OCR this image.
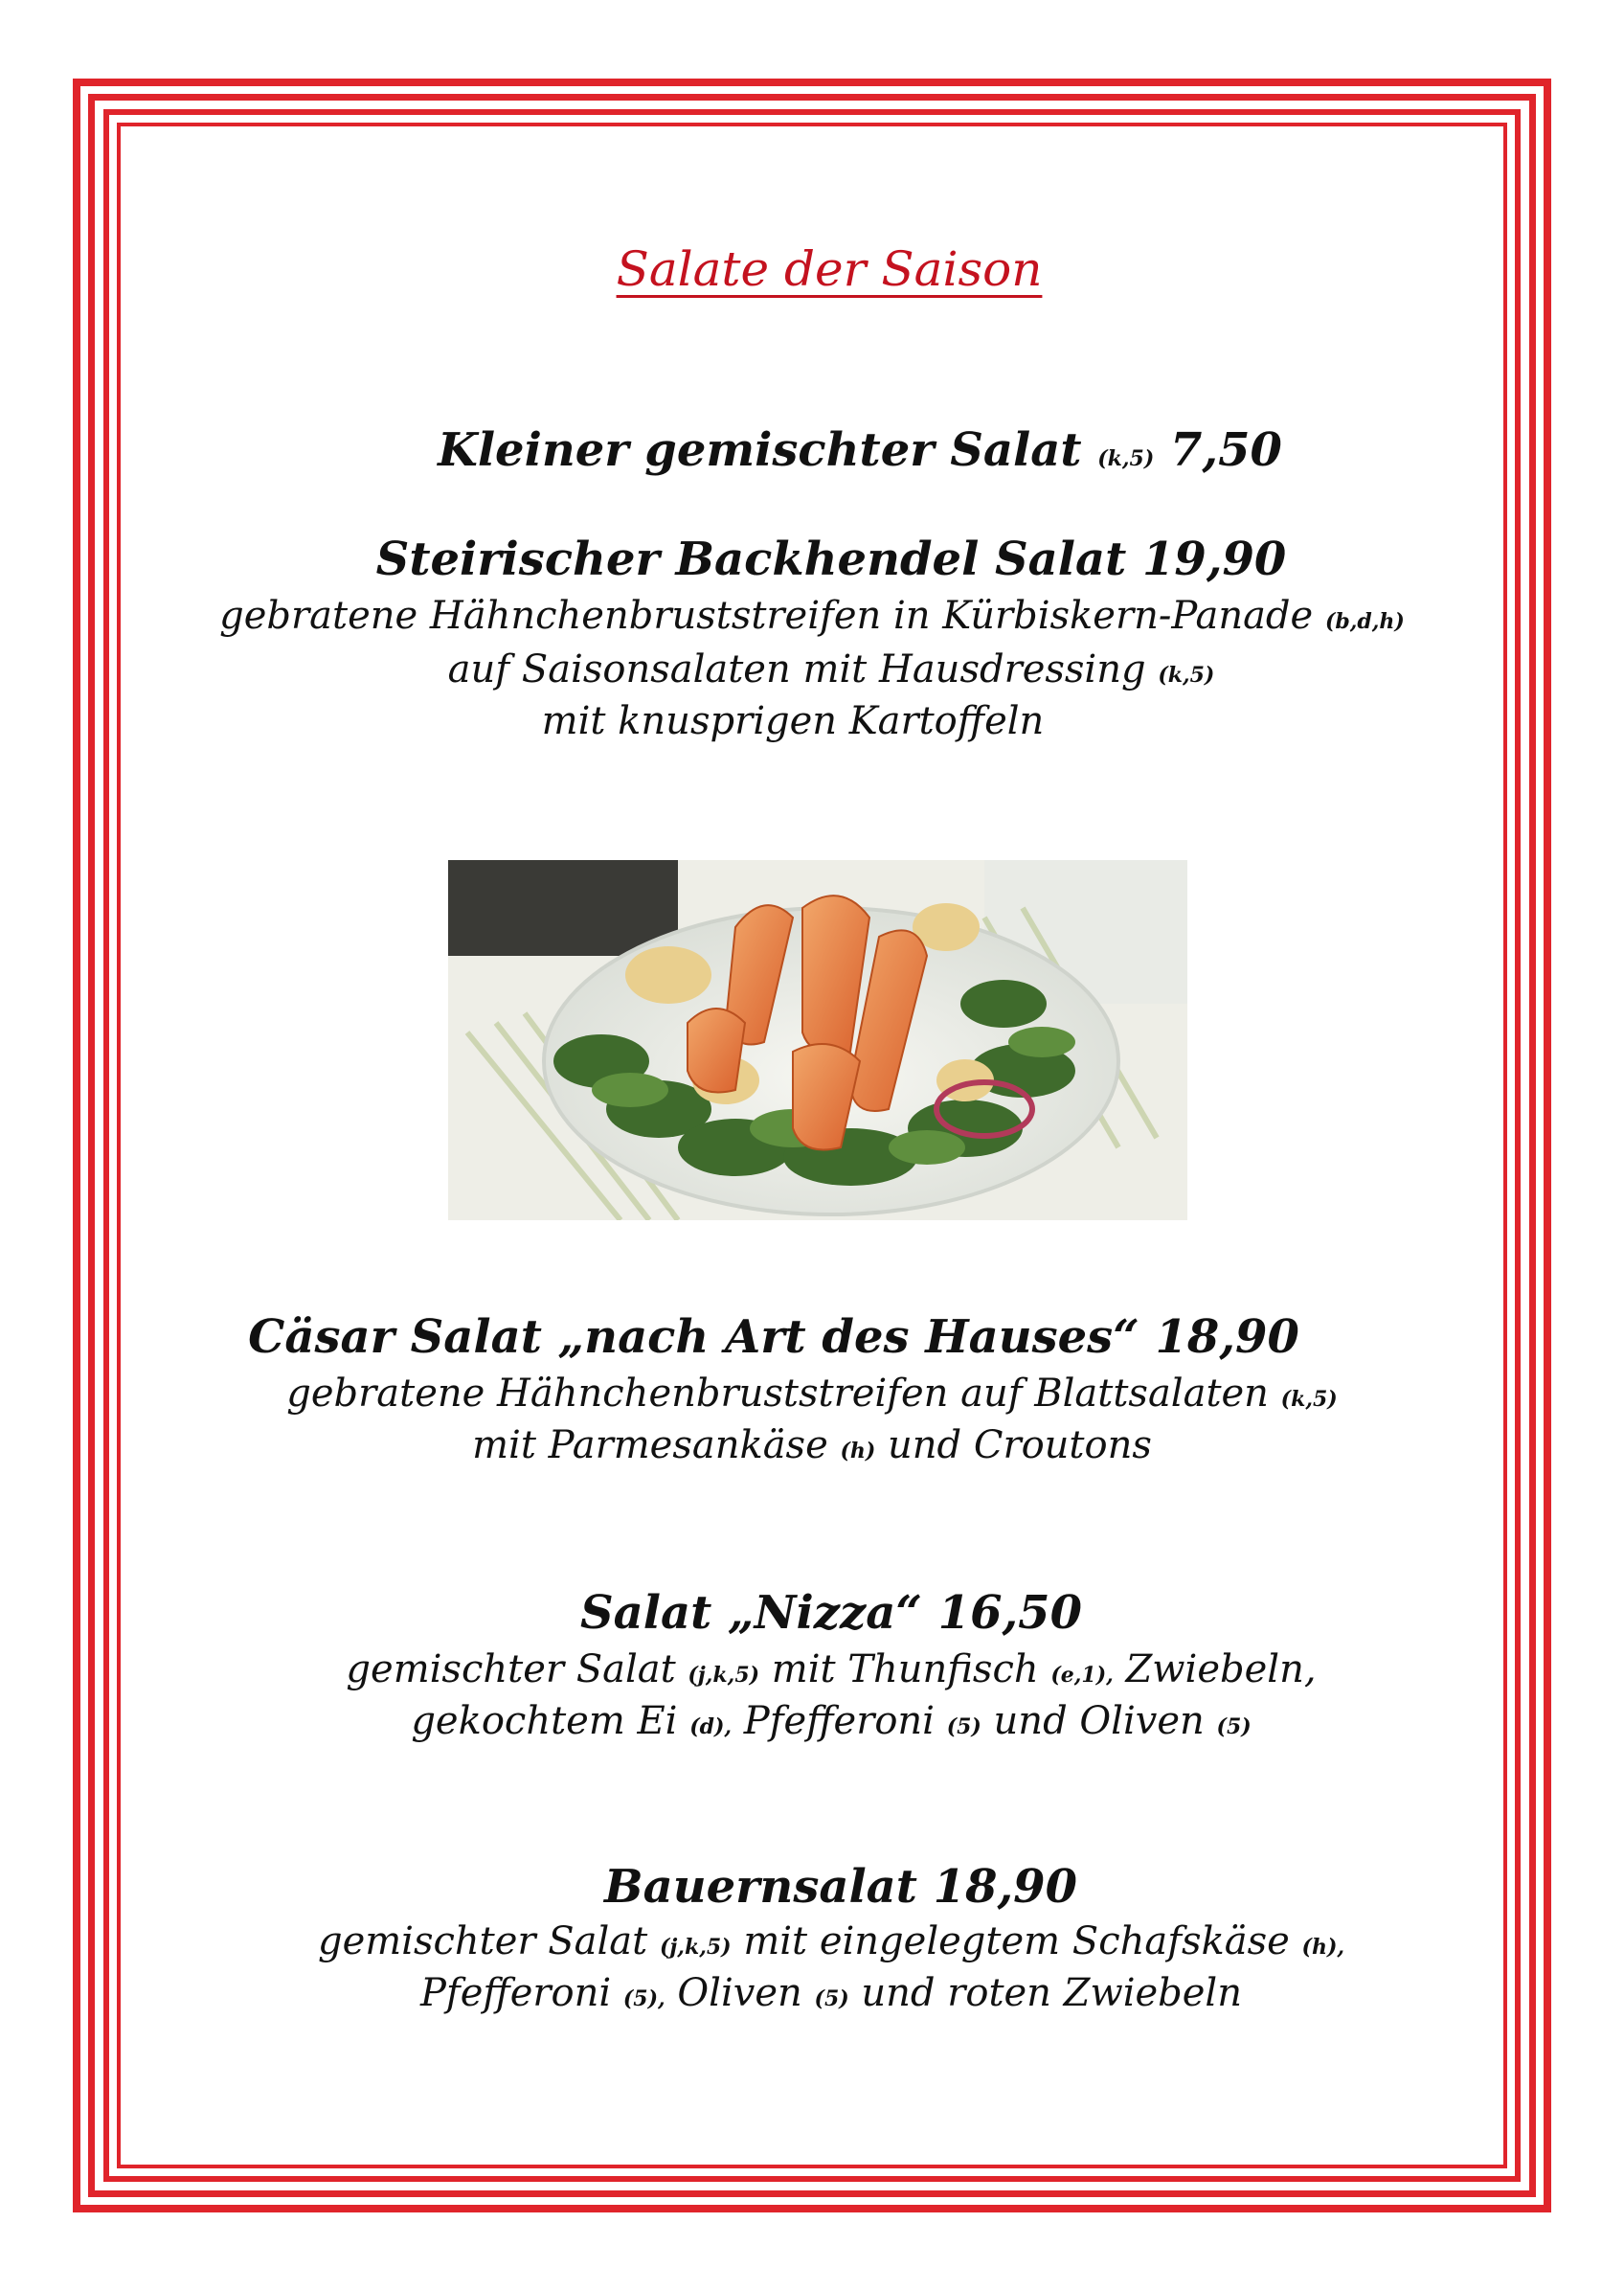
Salate der Saison
Kleiner gemischter Salat (k,5) 7,50
Steirischer Backhendel Salat 19,90
gebratene Hähnchenbruststreifen in Kürbiskern-Panade (b,d,h)
auf Saisonsalaten mit Hausdressing (k,5)
mit knusprigen Kartoffeln
Cäsar Salat „nach Art des Hauses“ 18,90
gebratene Hähnchenbruststreifen auf Blattsalaten (k,5)
mit Parmesankäse (h) und Croutons
Salat „Nizza“ 16,50
gemischter Salat (j,k,5) mit Thunfisch (e,1), Zwiebeln,
gekochtem Ei (d), Pfefferoni (5) und Oliven (5)
Bauernsalat 18,90
gemischter Salat (j,k,5) mit eingelegtem Schafskäse (h),
Pfefferoni (5), Oliven (5) und roten Zwiebeln
